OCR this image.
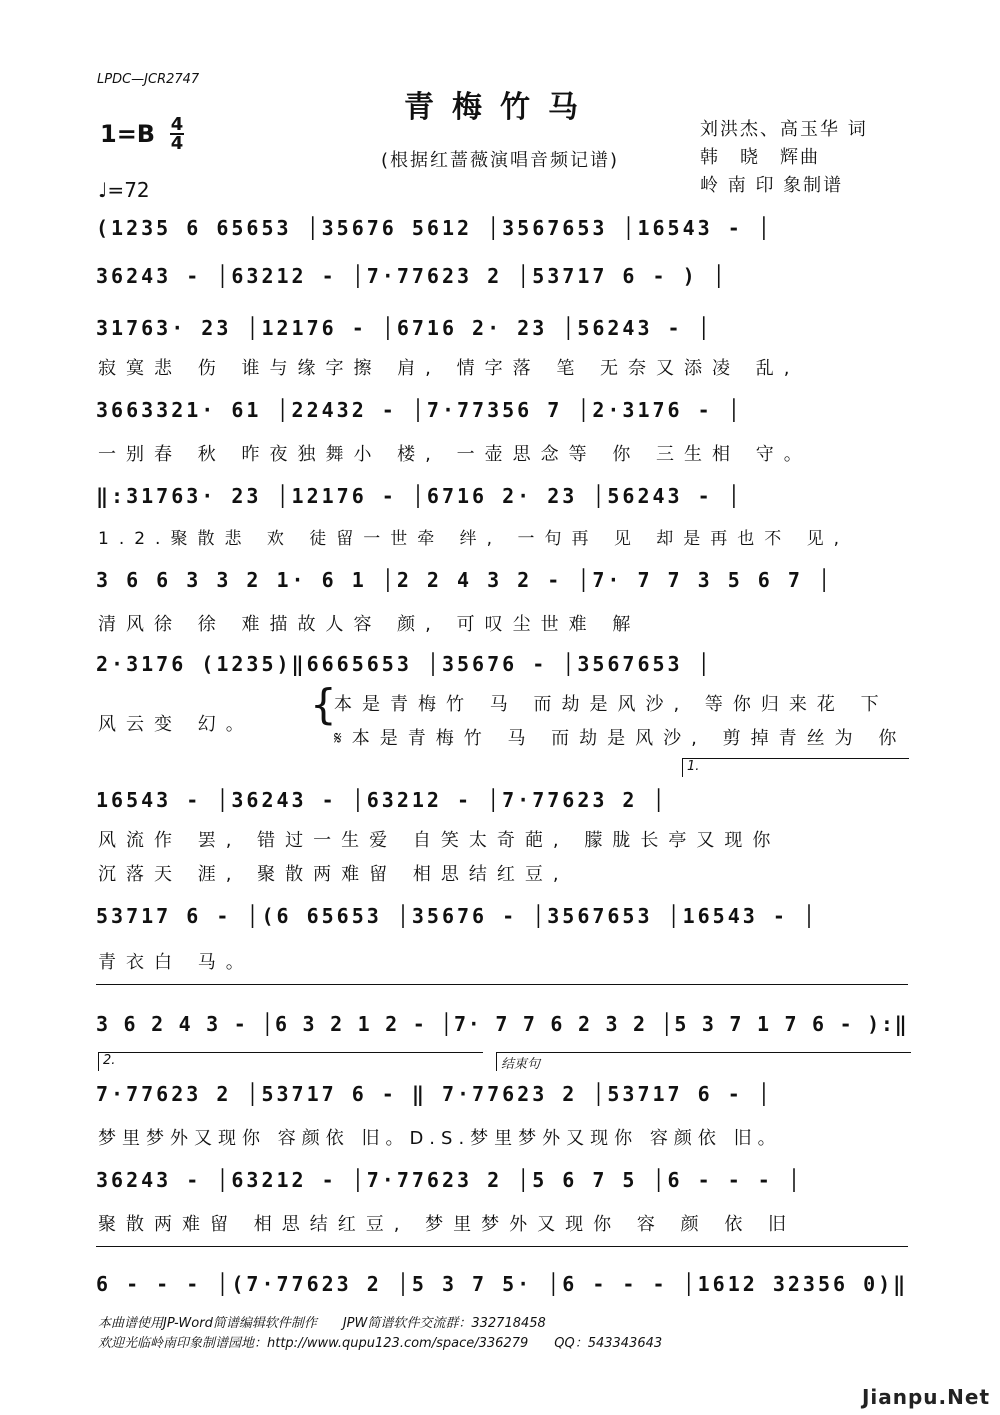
LPDC—JCR2747
青梅竹马
(根据红蔷薇演唱音频记谱)
1=B 4
4
♩=72
刘洪杰、高玉华 词
韩　晓　辉曲
岭 南 印 象制谱
(1235 6 65653 │35676 5612 │3567653 │16543 - │
36243 - │63212 - │7·77623 2 │53717 6 - ) │
31763· 23 │12176 - │6716 2· 23 │56243 - │
寂寞悲 伤 谁与缘字擦 肩, 情字落 笔 无奈又添凌 乱,
3663321· 61 │22432 - │7·77356 7 │2·3176 - │
一别春 秋 昨夜独舞小 楼, 一壶思念等 你 三生相 守。
‖:31763· 23 │12176 - │6716 2· 23 │56243 - │
1.2.聚散悲 欢 徒留一世牵 绊, 一句再 见 却是再也不 见,
3 6 6 3 3 2 1· 6 1 │2 2 4 3 2 - │7· 7 7 3 5 6 7 │
清风徐 徐 难描故人容 颜, 可叹尘世难 解
2·3176 (1235)‖6665653 │35676 - │3567653 │
风云变 幻。 {
本是青梅竹 马 而劫是风沙, 等你归来花 下
𝄋本是青梅竹 马 而劫是风沙, 剪掉青丝为 你
1.
16543 - │36243 - │63212 - │7·77623 2 │
风流作 罢, 错过一生爱 自笑太奇葩, 朦胧长亭又现你
沉落天 涯, 聚散两难留 相思结红豆,
53717 6 - │(6 65653 │35676 - │3567653 │16543 - │
青衣白 马。
3 6 2 4 3 - │6 3 2 1 2 - │7· 7 7 6 2 3 2 │5 3 7 1 7 6 - ):‖
2.	结束句
7·77623 2 │53717 6 - ‖ 7·77623 2 │53717 6 - │
梦里梦外又现你 容颜依 旧。D.S.梦里梦外又现你 容颜依 旧。
36243 - │63212 - │7·77623 2 │5 6 7 5 │6 - - - │
聚散两难留 相思结红豆, 梦里梦外又现你 容 颜 依 旧
6 - - - │(7·77623 2 │5 3 7 5· │6 - - - │1612 32356 0)‖
本曲谱使用JP-Word简谱编辑软件制作　　JPW简谱软件交流群：332718458
欢迎光临岭南印象制谱园地：http://www.qupu123.com/space/336279　　QQ：543343643
Jianpu.Net
